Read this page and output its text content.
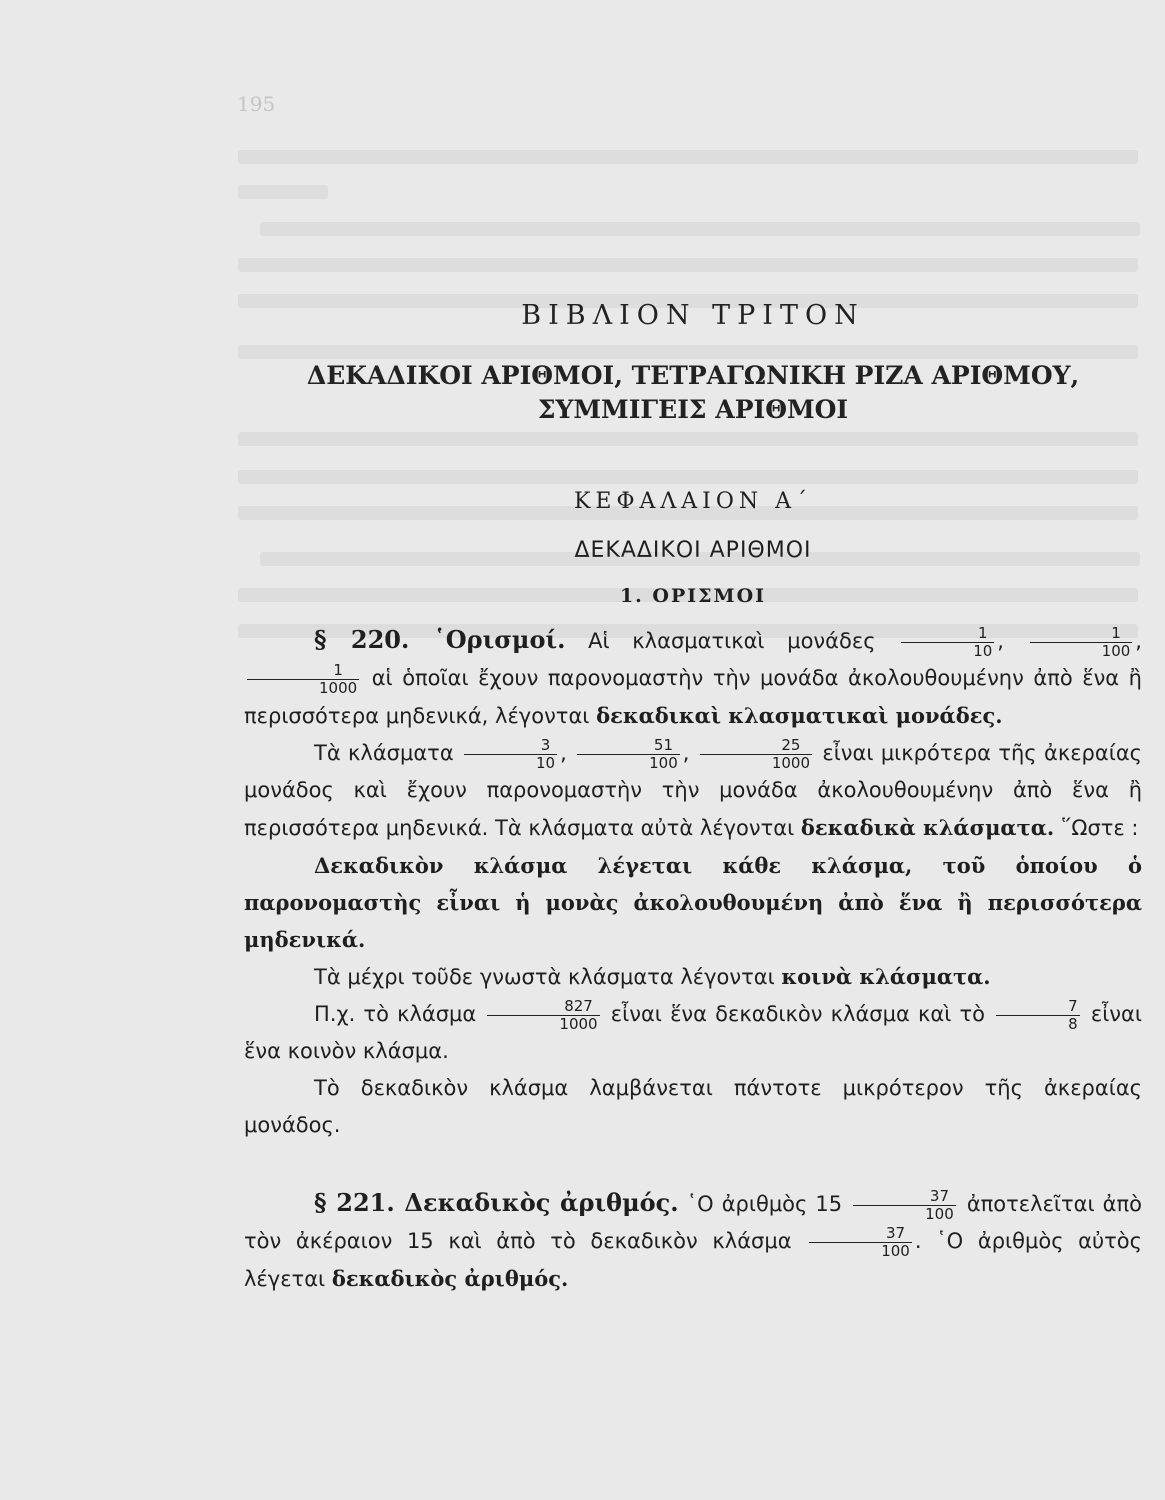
195
ΒΙΒΛΙΟΝ ΤΡΙΤΟΝ
ΔΕΚΑΔΙΚΟΙ ΑΡΙΘΜΟΙ, ΤΕΤΡΑΓΩΝΙΚΗ ΡΙΖΑ ΑΡΙΘΜΟΥ,
ΣΥΜΜΙΓΕΙΣ ΑΡΙΘΜΟΙ
ΚΕΦΑΛΑΙΟΝ Α΄
ΔΕΚΑΔΙΚΟΙ ΑΡΙΘΜΟΙ
1. ΟΡΙΣΜΟΙ

§ 220. ῾Ορισμοί. Αἱ κλασματικαὶ μονάδες $\frac{1}{10}$ , $\frac{1}{100}$ ,
$\frac{1}{1000}$ αἱ ὁποῖαι ἔχουν παρονομαστὴν τὴν μονάδα ἀκολουθουμένην ἀπὸ ἕνα ἢ περισσότερα μηδενικά, λέγονται δεκαδικαὶ κλασματικαὶ μονάδες.

Τὰ κλάσματα $\frac{3}{10}$ , $\frac{51}{100}$ , $\frac{25}{1000}$ εἶναι μικρότερα τῆς ἀκεραίας μονάδος καὶ ἔχουν παρονομαστὴν τὴν μονάδα ἀκολουθουμένην ἀπὸ ἕνα ἢ περισσότερα μηδενικά. Τὰ κλάσματα αὐτὰ λέγονται δεκαδικὰ κλάσματα. ῞Ωστε :

Δεκαδικὸν κλάσμα λέγεται κάθε κλάσμα, τοῦ ὁποίου ὁ παρονομαστὴς εἶναι ἡ μονὰς ἀκολουθουμένη ἀπὸ ἕνα ἢ περισσότερα μηδενικά.

Τὰ μέχρι τοῦδε γνωστὰ κλάσματα λέγονται κοινὰ κλάσματα.

Π.χ. τὸ κλάσμα $\frac{827}{1000}$ εἶναι ἕνα δεκαδικὸν κλάσμα καὶ τὸ $\frac{7}{8}$ εἶναι ἕνα κοινὸν κλάσμα.

Τὸ δεκαδικὸν κλάσμα λαμβάνεται πάντοτε μικρότερον τῆς ἀκεραίας μονάδος.

§ 221. Δεκαδικὸς ἀριθμός. ῾Ο ἀριθμὸς $15 \frac{37}{100}$ ἀποτελεῖται ἀπὸ τὸν ἀκέραιον 15 καὶ ἀπὸ τὸ δεκαδικὸν κλάσμα $\frac{37}{100}$ . ῾Ο ἀριθμὸς αὐτὸς λέγεται δεκαδικὸς ἀριθμός.
